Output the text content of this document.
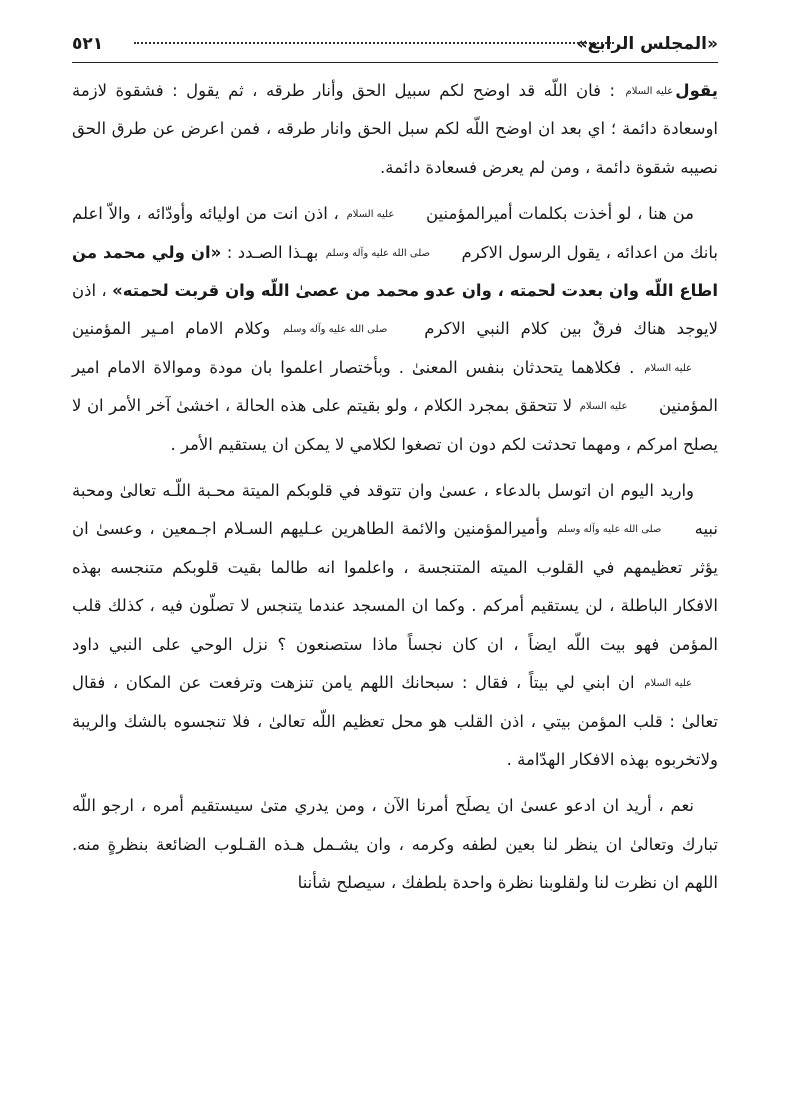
«المجلس الرابع»
٥٢١

يقولعليه السلام : فان اللّه قد اوضح لكم سبيل الحق وأنار طرقه ، ثم يقول : فشقوة لازمة اوسعادة دائمة ؛ اي بعد ان اوضح اللّه لكم سبل الحق وانار طرقه ، فمن اعرض عن طرق الحق نصيبه شقوة دائمة ، ومن لم يعرض فسعادة دائمة.

من هنا ، لو أخذت بكلمات أميرالمؤمنين عليه السلام ، اذن انت من اوليائه وأودّائه ، والاّ اعلم بانك من اعدائه ، يقول الرسول الاكرم صلى الله عليه وآله وسلم بهـذا الصـدد : «ان ولي محمد من اطاع اللّه وان بعدت لحمته ، وان عدو محمد من عصىٰ اللّه وان قربت لحمته» ، اذن لايوجد هناك فرقٌ بين كلام النبي الاكرم صلى الله عليه وآله وسلم وكلام الامام امـير المؤمنين عليه السلام . فكلاهما يتحدثان بنفس المعنىٰ . وبأختصار اعلموا بان مودة وموالاة الامام امير المؤمنين عليه السلام لا تتحقق بمجرد الكلام ، ولو بقيتم على هذه الحالة ، اخشىٰ آخر الأمر ان لا يصلح امركم ، ومهما تحدثت لكم دون ان تصغوا لكلامي لا يمكن ان يستقيم الأمر .

واريد اليوم ان اتوسل بالدعاء ، عسىٰ وان تتوقد في قلوبكم الميتة محـبة اللّـه تعالىٰ ومحبة نبيه صلى الله عليه وآله وسلم وأميرالمؤمنين والائمة الطاهرين عـليهم السـلام اجـمعين ، وعسىٰ ان يؤثر تعظيمهم في القلوب الميته المتنجسة ، واعلموا انه طالما بقيت قلوبكم متنجسه بهذه الافكار الباطلة ، لن يستقيم أمركم . وكما ان المسجد عندما يتنجس لا تصلّون فيه ، كذلك قلب المؤمن فهو بيت اللّه ايضاً ، ان كان نجساً ماذا ستصنعون ؟ نزل الوحي على النبي داود عليه السلام ان ابني لي بيتاً ، فقال : سبحانك اللهم يامن تنزهت وترفعت عن المكان ، فقال تعالىٰ : قلب المؤمن بيتي ، اذن القلب هو محل تعظيم اللّه تعالىٰ ، فلا تنجسوه بالشك والريبة ولاتخربوه بهذه الافكار الهدّامة .

نعم ، أريد ان ادعو عسىٰ ان يصلَح أمرنا الآن ، ومن يدري متىٰ سيستقيم أمره ، ارجو اللّه تبارك وتعالىٰ ان ينظر لنا بعين لطفه وكرمه ، وان يشـمل هـذه القـلوب الضائعة بنظرةٍ منه. اللهم ان نظرت لنا ولقلوبنا نظرة واحدة بلطفك ، سيصلح شأننا
